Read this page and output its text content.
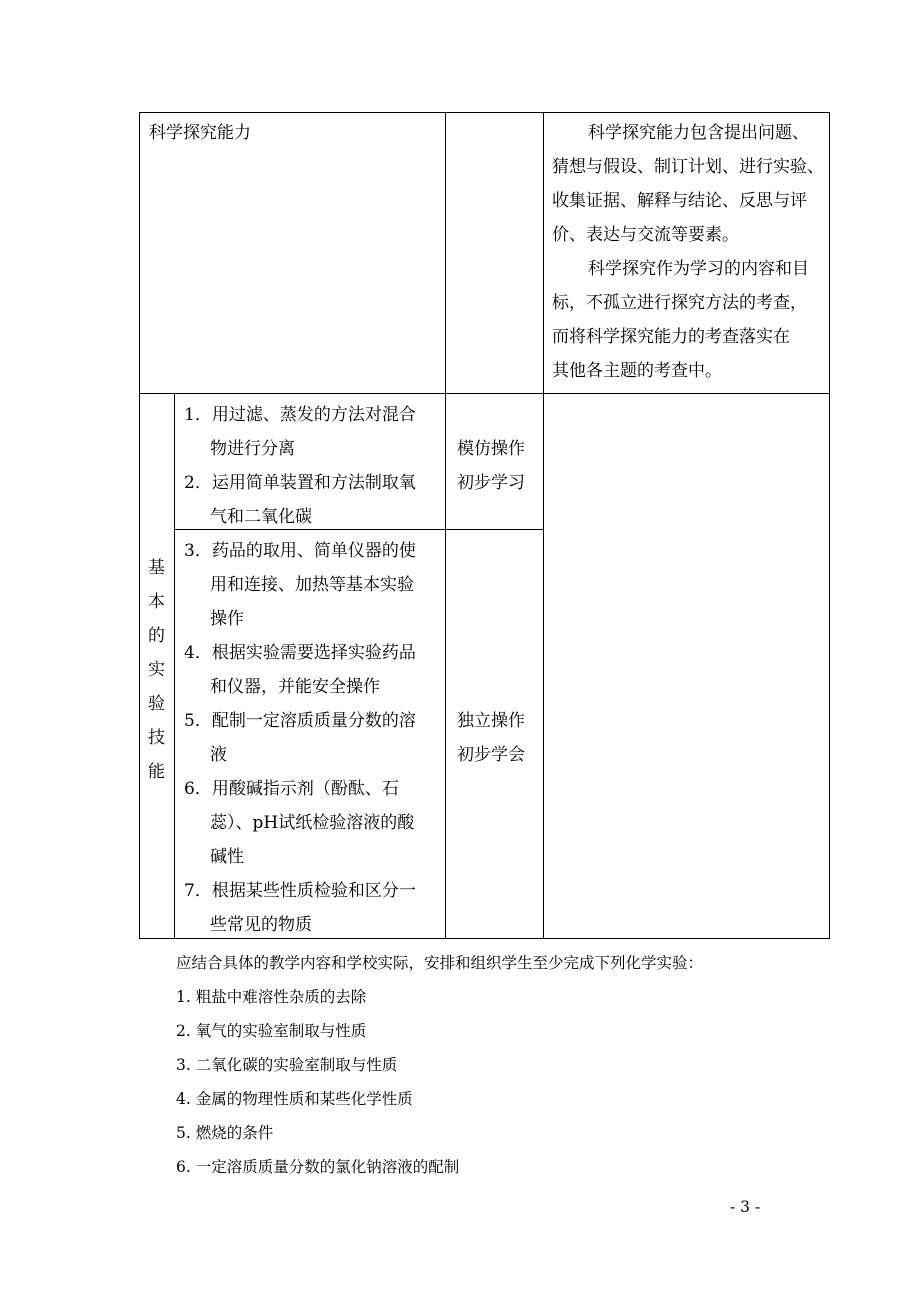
科学探究能力	科学探究能力包含提出问题、
猜想与假设、制订计划、进行实验、
收集证据、解释与结论、反思与评
价、表达与交流等要素。
科学探究作为学习的内容和目
标，不孤立进行探究方法的考查，
而将科学探究能力的考查落实在
其他各主题的考查中。
基
本
的
实
验
技
能
1．用过滤、蒸发的方法对混合
物进行分离
2．运用简单装置和方法制取氧
气和二氧化碳
模仿操作
初步学习
3．药品的取用、简单仪器的使
用和连接、加热等基本实验
操作
4．根据实验需要选择实验药品
和仪器，并能安全操作
5．配制一定溶质质量分数的溶
液
6．用酸碱指示剂（酚酞、石
蕊）、pH试纸检验溶液的酸
碱性
7．根据某些性质检验和区分一
些常见的物质
独立操作
初步学会
应结合具体的教学内容和学校实际，安排和组织学生至少完成下列化学实验：
1. 粗盐中难溶性杂质的去除
2. 氧气的实验室制取与性质
3. 二氧化碳的实验室制取与性质
4. 金属的物理性质和某些化学性质
5. 燃烧的条件
6. 一定溶质质量分数的氯化钠溶液的配制
- 3 -
